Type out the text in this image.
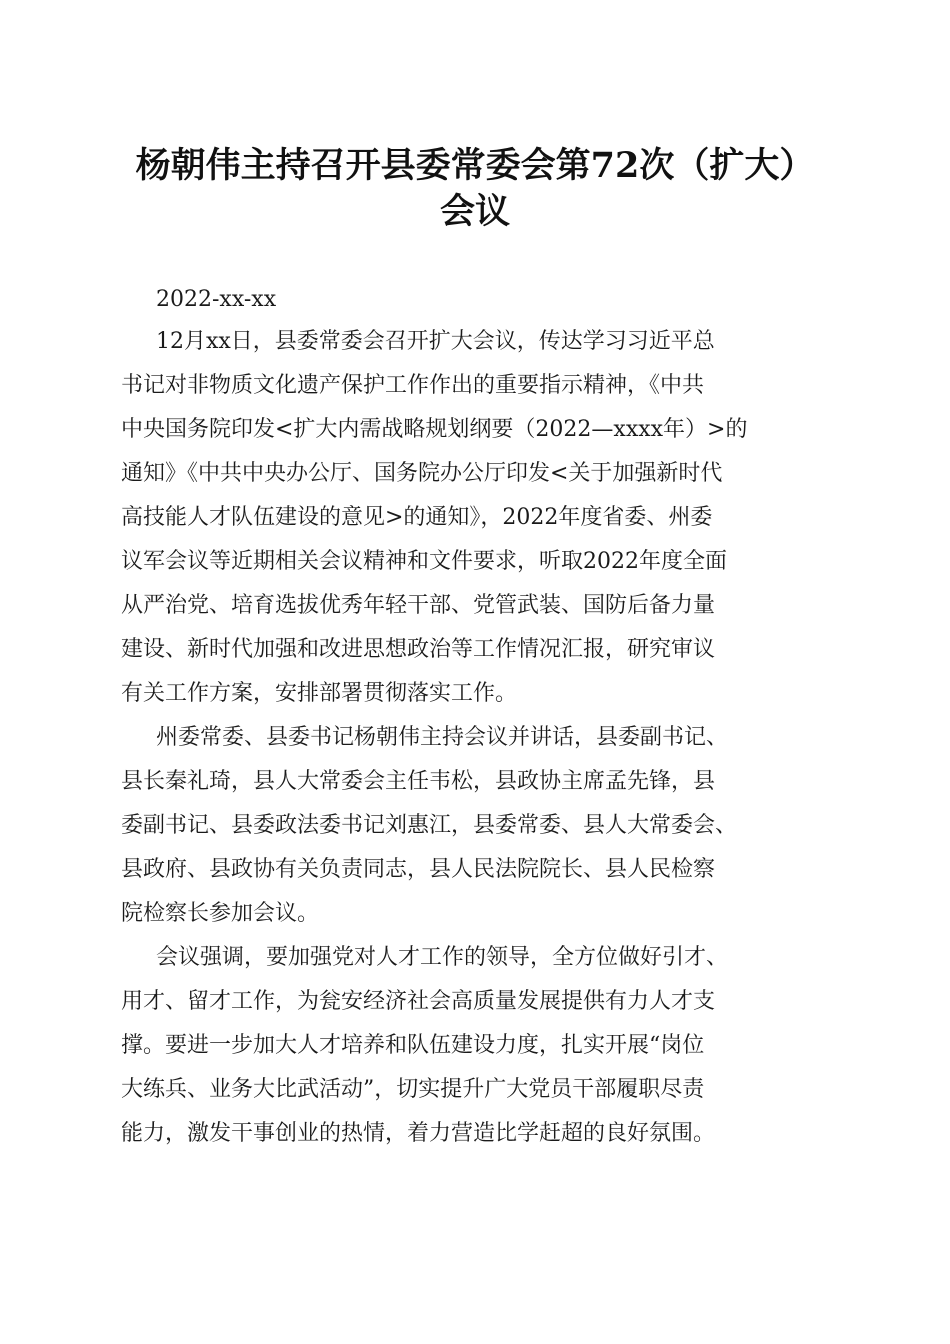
杨朝伟主持召开县委常委会第72次（扩大）
会议
2022-xx-xx
12月xx日，县委常委会召开扩大会议，传达学习习近平总
书记对非物质文化遗产保护工作作出的重要指示精神，《中共
中央国务院印发<扩大内需战略规划纲要（2022—xxxx年）>的
通知》《中共中央办公厅、国务院办公厅印发<关于加强新时代
高技能人才队伍建设的意见>的通知》，2022年度省委、州委
议军会议等近期相关会议精神和文件要求，听取2022年度全面
从严治党、培育选拔优秀年轻干部、党管武装、国防后备力量
建设、新时代加强和改进思想政治等工作情况汇报，研究审议
有关工作方案，安排部署贯彻落实工作。
州委常委、县委书记杨朝伟主持会议并讲话，县委副书记、
县长秦礼琦，县人大常委会主任韦松，县政协主席孟先锋，县
委副书记、县委政法委书记刘惠江，县委常委、县人大常委会、
县政府、县政协有关负责同志，县人民法院院长、县人民检察
院检察长参加会议。
会议强调，要加强党对人才工作的领导，全方位做好引才、
用才、留才工作，为瓮安经济社会高质量发展提供有力人才支
撑。要进一步加大人才培养和队伍建设力度，扎实开展“岗位
大练兵、业务大比武活动”，切实提升广大党员干部履职尽责
能力，激发干事创业的热情，着力营造比学赶超的良好氛围。
